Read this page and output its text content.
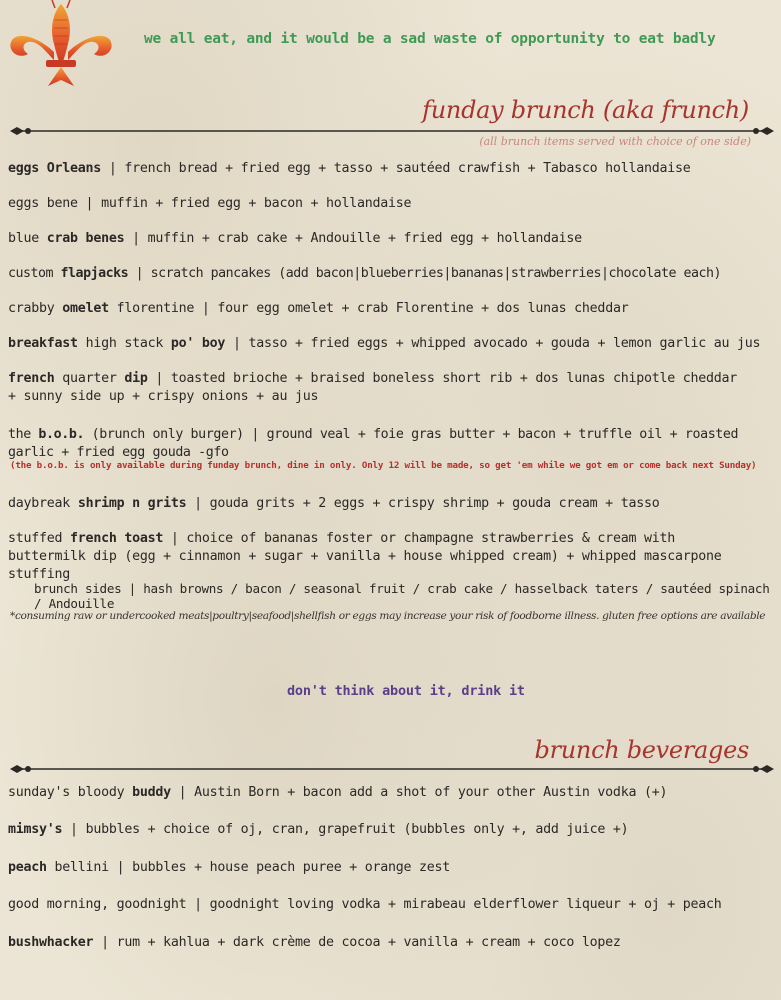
we all eat, and it would be a sad waste of opportunity to eat badly
funday brunch (aka frunch)
(all brunch items served with choice of one side)
eggs Orleans | french bread + fried egg + tasso + sautéed crawfish + Tabasco hollandaise
eggs bene | muffin + fried egg + bacon + hollandaise
blue crab benes | muffin + crab cake + Andouille + fried egg + hollandaise
custom flapjacks | scratch pancakes (add bacon|blueberries|bananas|strawberries|chocolate each)
crabby omelet florentine | four egg omelet + crab Florentine + dos lunas cheddar
breakfast high stack po' boy | tasso + fried eggs + whipped avocado + gouda + lemon garlic au jus
french quarter dip | toasted brioche + braised boneless short rib + dos lunas chipotle cheddar + sunny side up + crispy onions + au jus
the b.o.b. (brunch only burger) | ground veal + foie gras butter + bacon + truffle oil + roasted garlic + fried egg gouda -gfo
(the b.o.b. is only available during funday brunch, dine in only. Only 12 will be made, so get 'em while we got em or come back next Sunday)
daybreak shrimp n grits | gouda grits + 2 eggs + crispy shrimp + gouda cream + tasso
stuffed french toast | choice of bananas foster or champagne strawberries & cream with buttermilk dip (egg + cinnamon + sugar + vanilla + house whipped cream) + whipped mascarpone stuffing
brunch sides | hash browns / bacon / seasonal fruit / crab cake / hasselback taters / sautéed spinach / Andouille
*consuming raw or undercooked meats|poultry|seafood|shellfish or eggs may increase your risk of foodborne illness. gluten free options are available
don't think about it, drink it
brunch beverages
sunday's bloody buddy | Austin Born + bacon add a shot of your other Austin vodka (+)
mimsy's | bubbles + choice of oj, cran, grapefruit (bubbles only +, add juice +)
peach bellini | bubbles + house peach puree + orange zest
good morning, goodnight | goodnight loving vodka + mirabeau elderflower liqueur + oj + peach
bushwhacker | rum + kahlua + dark crème de cocoa + vanilla + cream + coco lopez
